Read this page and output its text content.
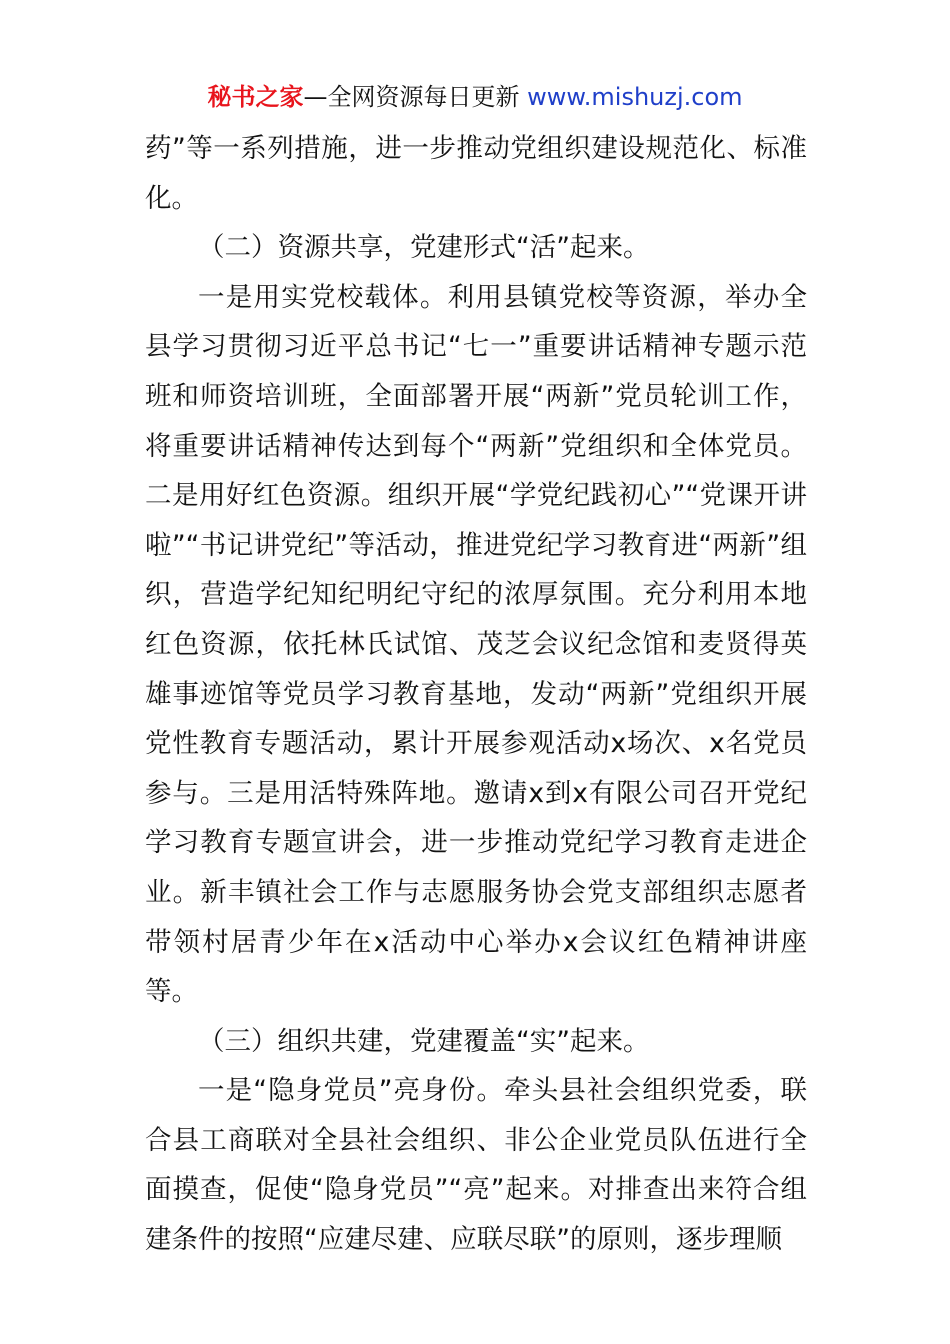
秘书之家—全网资源每日更新 www.mishuzj.com

药”等一系列措施，进一步推动党组织建设规范化、标准化。

（二）资源共享，党建形式“活”起来。

一是用实党校载体。利用县镇党校等资源，举办全县学习贯彻习近平总书记“七一”重要讲话精神专题示范班和师资培训班，全面部署开展“两新”党员轮训工作，将重要讲话精神传达到每个“两新”党组织和全体党员。二是用好红色资源。组织开展“学党纪践初心”“党课开讲啦”“书记讲党纪”等活动，推进党纪学习教育进“两新”组织，营造学纪知纪明纪守纪的浓厚氛围。充分利用本地红色资源，依托林氏试馆、茂芝会议纪念馆和麦贤得英雄事迹馆等党员学习教育基地，发动“两新”党组织开展党性教育专题活动，累计开展参观活动x场次、x名党员参与。三是用活特殊阵地。邀请x到x有限公司召开党纪学习教育专题宣讲会，进一步推动党纪学习教育走进企业。新丰镇社会工作与志愿服务协会党支部组织志愿者带领村居青少年在x活动中心举办x会议红色精神讲座等。

（三）组织共建，党建覆盖“实”起来。

一是“隐身党员”亮身份。牵头县社会组织党委，联合县工商联对全县社会组织、非公企业党员队伍进行全面摸查，促使“隐身党员”“亮”起来。对排查出来符合组建条件的按照“应建尽建、应联尽联”的原则，逐步理顺
